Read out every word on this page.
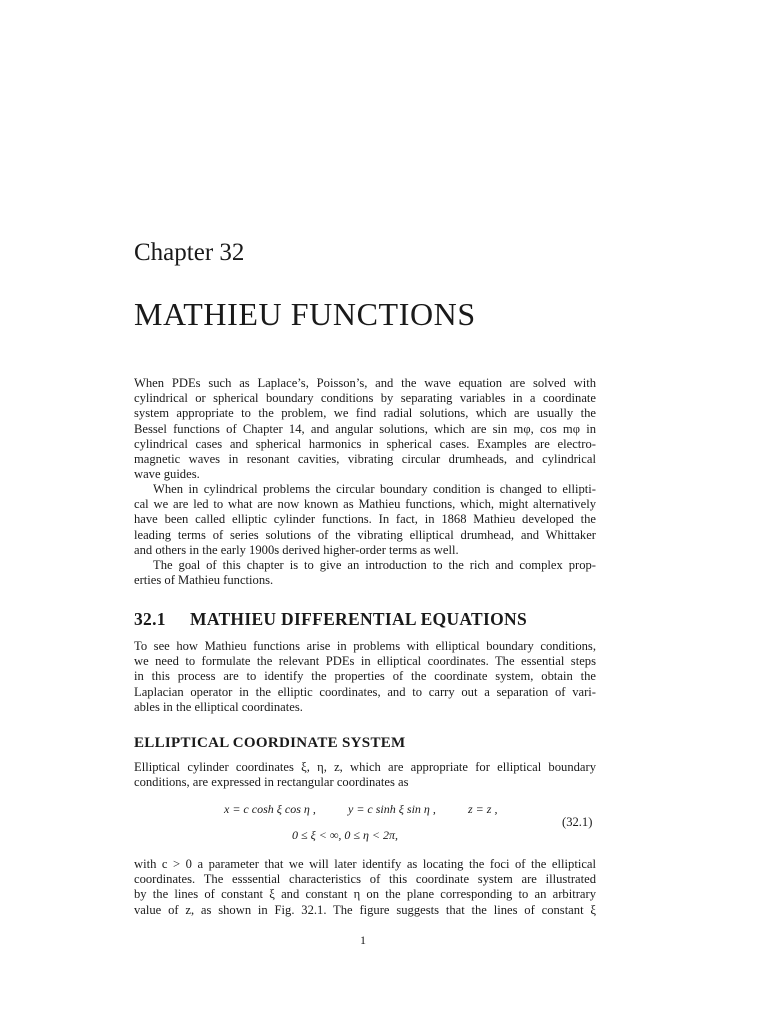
Chapter 32
MATHIEU FUNCTIONS
When PDEs such as Laplace’s, Poisson’s, and the wave equation are solved with
cylindrical or spherical boundary conditions by separating variables in a coordinate
system appropriate to the problem, we find radial solutions, which are usually the
Bessel functions of Chapter 14, and angular solutions, which are sin mφ, cos mφ in
cylindrical cases and spherical harmonics in spherical cases. Examples are electro-
magnetic waves in resonant cavities, vibrating circular drumheads, and cylindrical
wave guides.
When in cylindrical problems the circular boundary condition is changed to ellipti-
cal we are led to what are now known as Mathieu functions, which, might alternatively
have been called elliptic cylinder functions. In fact, in 1868 Mathieu developed the
leading terms of series solutions of the vibrating elliptical drumhead, and Whittaker
and others in the early 1900s derived higher-order terms as well.
The goal of this chapter is to give an introduction to the rich and complex prop-
erties of Mathieu functions.
32.1 MATHIEU DIFFERENTIAL EQUATIONS
To see how Mathieu functions arise in problems with elliptical boundary conditions,
we need to formulate the relevant PDEs in elliptical coordinates. The essential steps
in this process are to identify the properties of the coordinate system, obtain the
Laplacian operator in the elliptic coordinates, and to carry out a separation of vari-
ables in the elliptical coordinates.
ELLIPTICAL COORDINATE SYSTEM
Elliptical cylinder coordinates ξ, η, z, which are appropriate for elliptical boundary
conditions, are expressed in rectangular coordinates as
x = c cosh ξ cos η ,	y = c sinh ξ sin η ,	z = z ,
0 ≤ ξ < ∞, 0 ≤ η < 2π,
(32.1)
with c > 0 a parameter that we will later identify as locating the foci of the elliptical
coordinates. The esssential characteristics of this coordinate system are illustrated
by the lines of constant ξ and constant η on the plane corresponding to an arbitrary
value of z, as shown in Fig. 32.1. The figure suggests that the lines of constant ξ
1
